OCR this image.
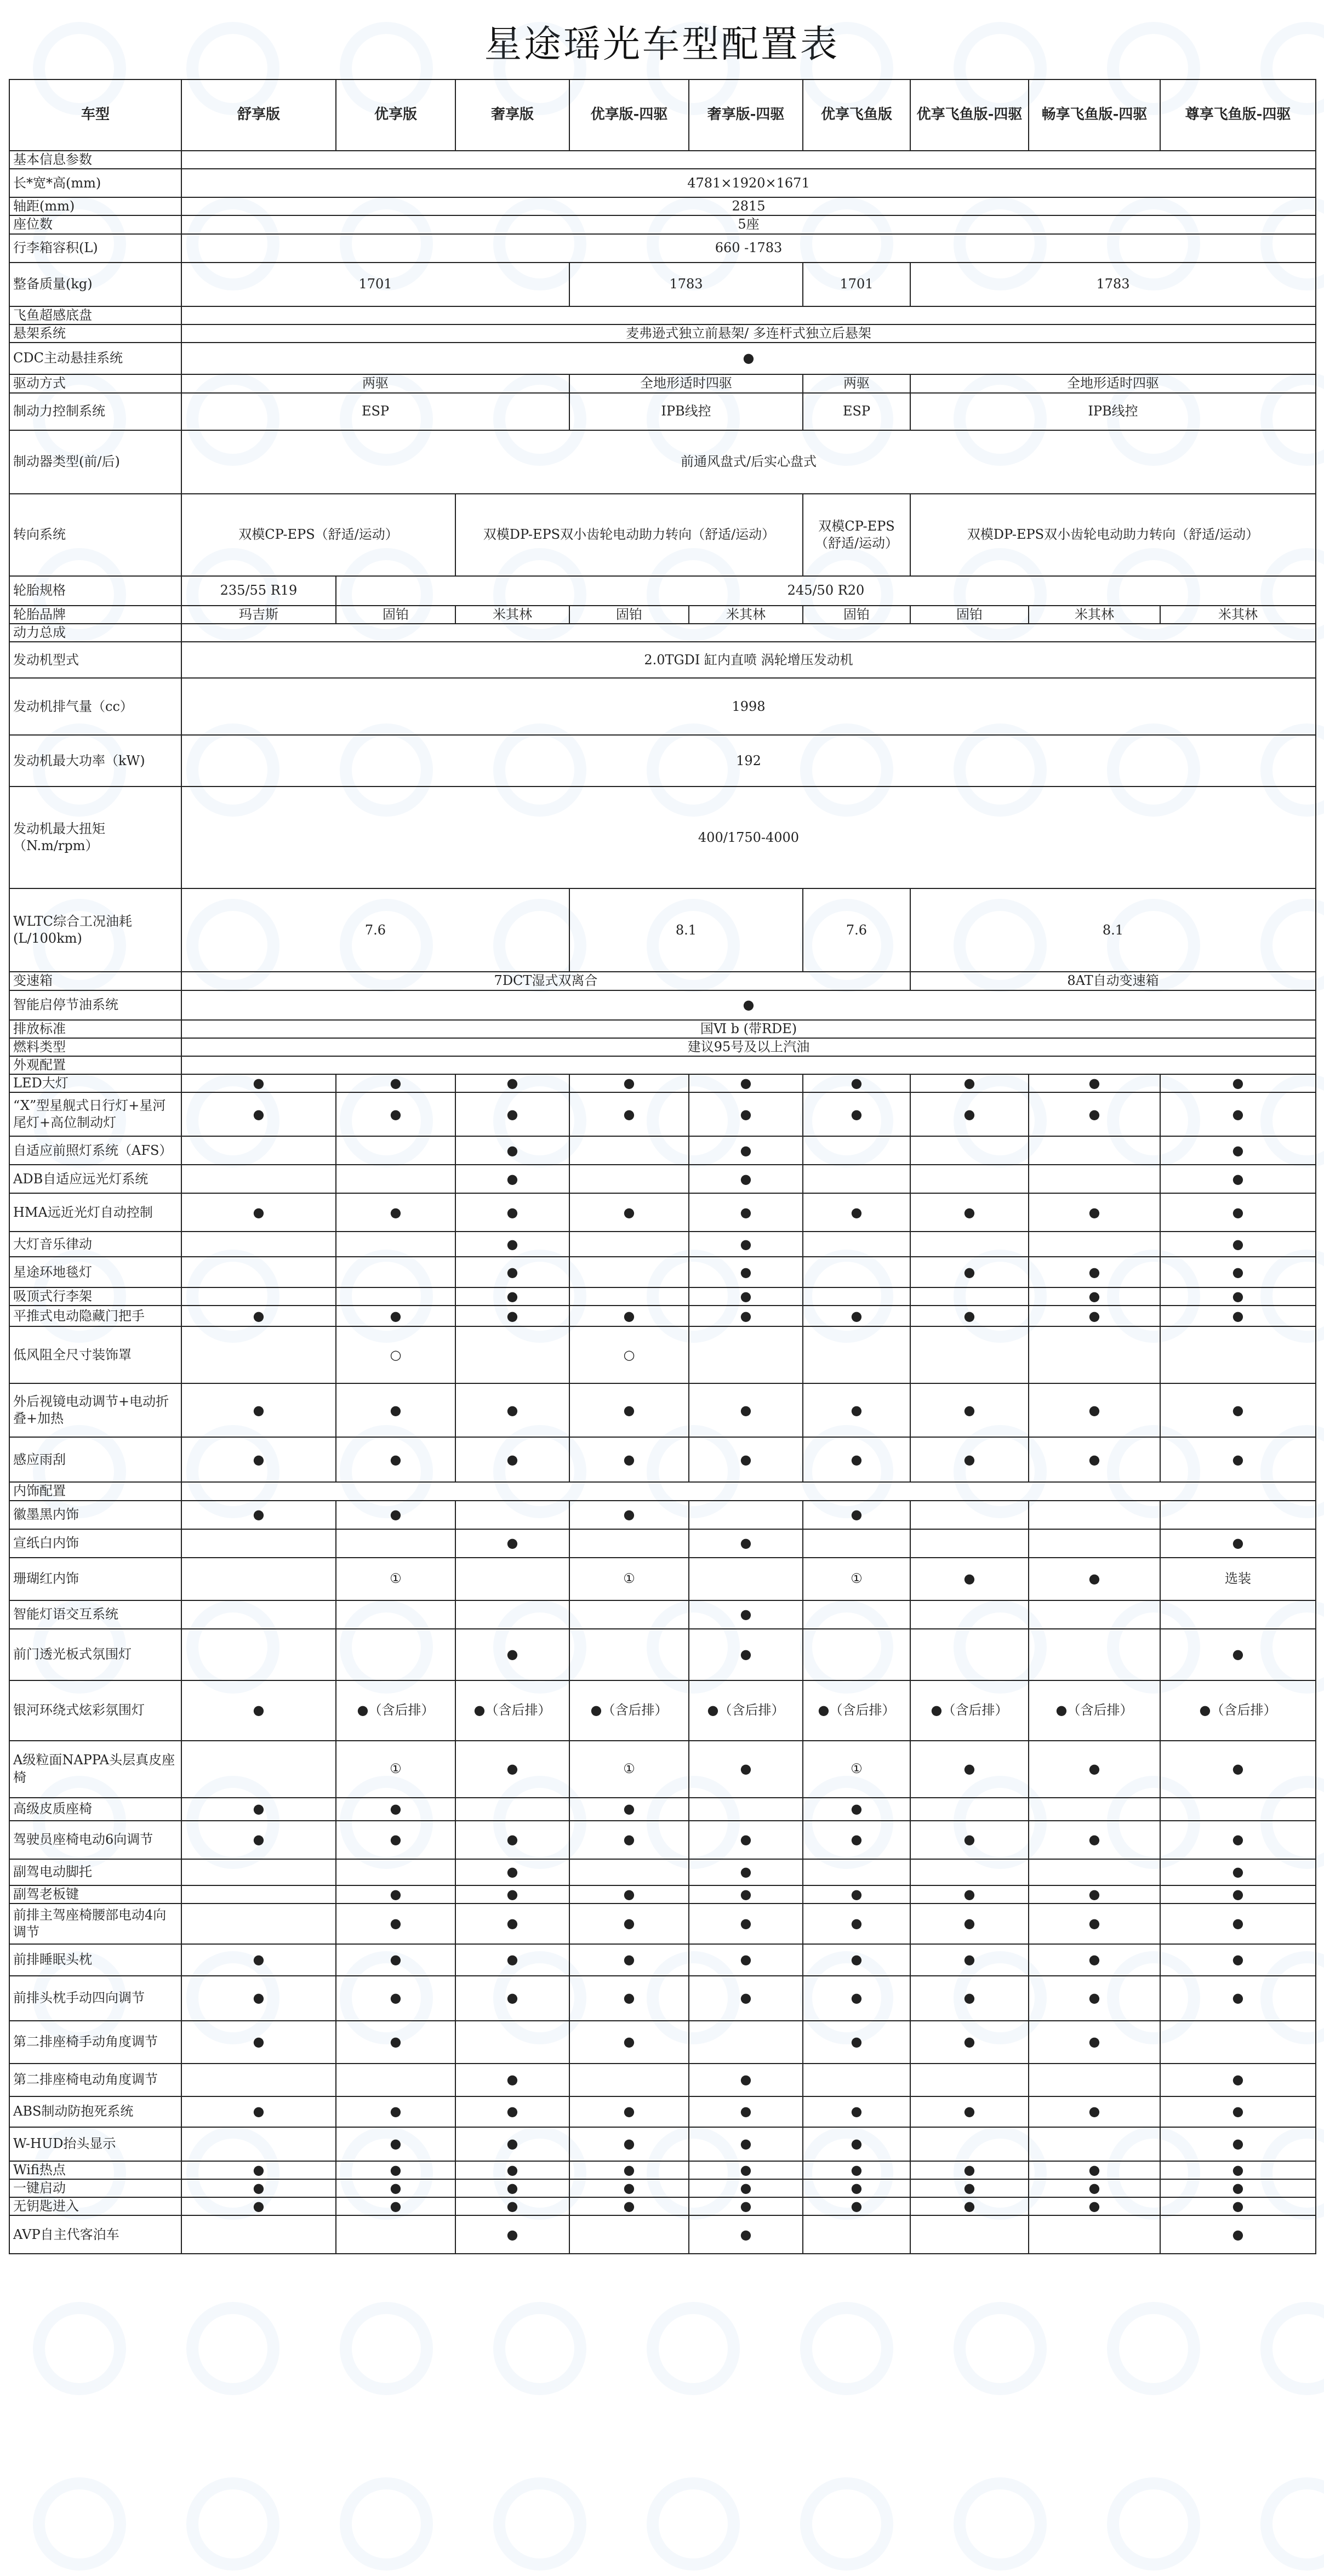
星途瑶光车型配置表
车型	舒享版	优享版	奢享版	优享版-四驱	奢享版-四驱	优享飞鱼版	优享飞鱼版-四驱	畅享飞鱼版-四驱	尊享飞鱼版-四驱
基本信息参数									
长*宽*高(mm)	4781×1920×1671								
轴距(mm)	2815								
座位数	5座								
行李箱容积(L)	660 -1783								
整备质量(kg)	1701			1783		1701	1783		
飞鱼超感底盘									
悬架系统	麦弗逊式独立前悬架/ 多连杆式独立后悬架								
CDC主动悬挂系统	●								
驱动方式	两驱			全地形适时四驱		两驱	全地形适时四驱		
制动力控制系统	ESP			IPB线控		ESP	IPB线控		
制动器类型(前/后)	前通风盘式/后实心盘式								
转向系统	双模CP-EPS（舒适/运动）		双模DP-EPS双小齿轮电动助力转向（舒适/运动）			双模CP-EPS（舒适/运动）	双模DP-EPS双小齿轮电动助力转向（舒适/运动）		
轮胎规格	235/55 R19	245/50 R20							
轮胎品牌	玛吉斯	固铂	米其林	固铂	米其林	固铂	固铂	米其林	米其林
动力总成									
发动机型式	2.0TGDI 缸内直喷 涡轮增压发动机								
发动机排气量（cc）	1998								
发动机最大功率（kW)	192								
发动机最大扭矩（N.m/rpm）	400/1750-4000								
WLTC综合工况油耗(L/100km)	7.6			8.1		7.6	8.1		
变速箱	7DCT湿式双离合						8AT自动变速箱		
智能启停节油系统	●								
排放标准	国Ⅵ b (带RDE)								
燃料类型	建议95号及以上汽油								
外观配置									
LED大灯	●	●	●	●	●	●	●	●	●
“X”型星舰式日行灯+星河尾灯+高位制动灯	●	●	●	●	●	●	●	●	●
自适应前照灯系统（AFS）			●		●				●
ADB自适应远光灯系统			●		●				●
HMA远近光灯自动控制	●	●	●	●	●	●	●	●	●
大灯音乐律动			●		●				●
星途环地毯灯			●		●		●	●	●
吸顶式行李架			●		●			●	●
平推式电动隐藏门把手	●	●	●	●	●	●	●	●	●
低风阻全尺寸装饰罩		○		○					
外后视镜电动调节+电动折叠+加热	●	●	●	●	●	●	●	●	●
感应雨刮	●	●	●	●	●	●	●	●	●
内饰配置									
徽墨黑内饰	●	●		●		●			
宣纸白内饰			●		●				●
珊瑚红内饰		①		①		①	●	●	选装
智能灯语交互系统					●				
前门透光板式氛围灯			●		●				●
银河环绕式炫彩氛围灯	●	●（含后排）	●（含后排）	●（含后排）	●（含后排）	●（含后排）	●（含后排）	●（含后排）	●（含后排）
A级粒面NAPPA头层真皮座椅		①	●	①	●	①	●	●	●
高级皮质座椅	●	●		●		●			
驾驶员座椅电动6向调节	●	●	●	●	●	●	●	●	●
副驾电动脚托			●		●				●
副驾老板键		●	●	●	●	●	●	●	●
前排主驾座椅腰部电动4向调节		●	●	●	●	●	●	●	●
前排睡眠头枕	●	●	●	●	●	●	●	●	●
前排头枕手动四向调节	●	●	●	●	●	●	●	●	●
第二排座椅手动角度调节	●	●		●		●	●	●	
第二排座椅电动角度调节			●		●				●
ABS制动防抱死系统	●	●	●	●	●	●	●	●	●
W-HUD抬头显示		●	●	●	●	●			●
Wifi热点	●	●	●	●	●	●	●	●	●
一键启动	●	●	●	●	●	●	●	●	●
无钥匙进入	●	●	●	●	●	●	●	●	●
AVP自主代客泊车			●		●				●
